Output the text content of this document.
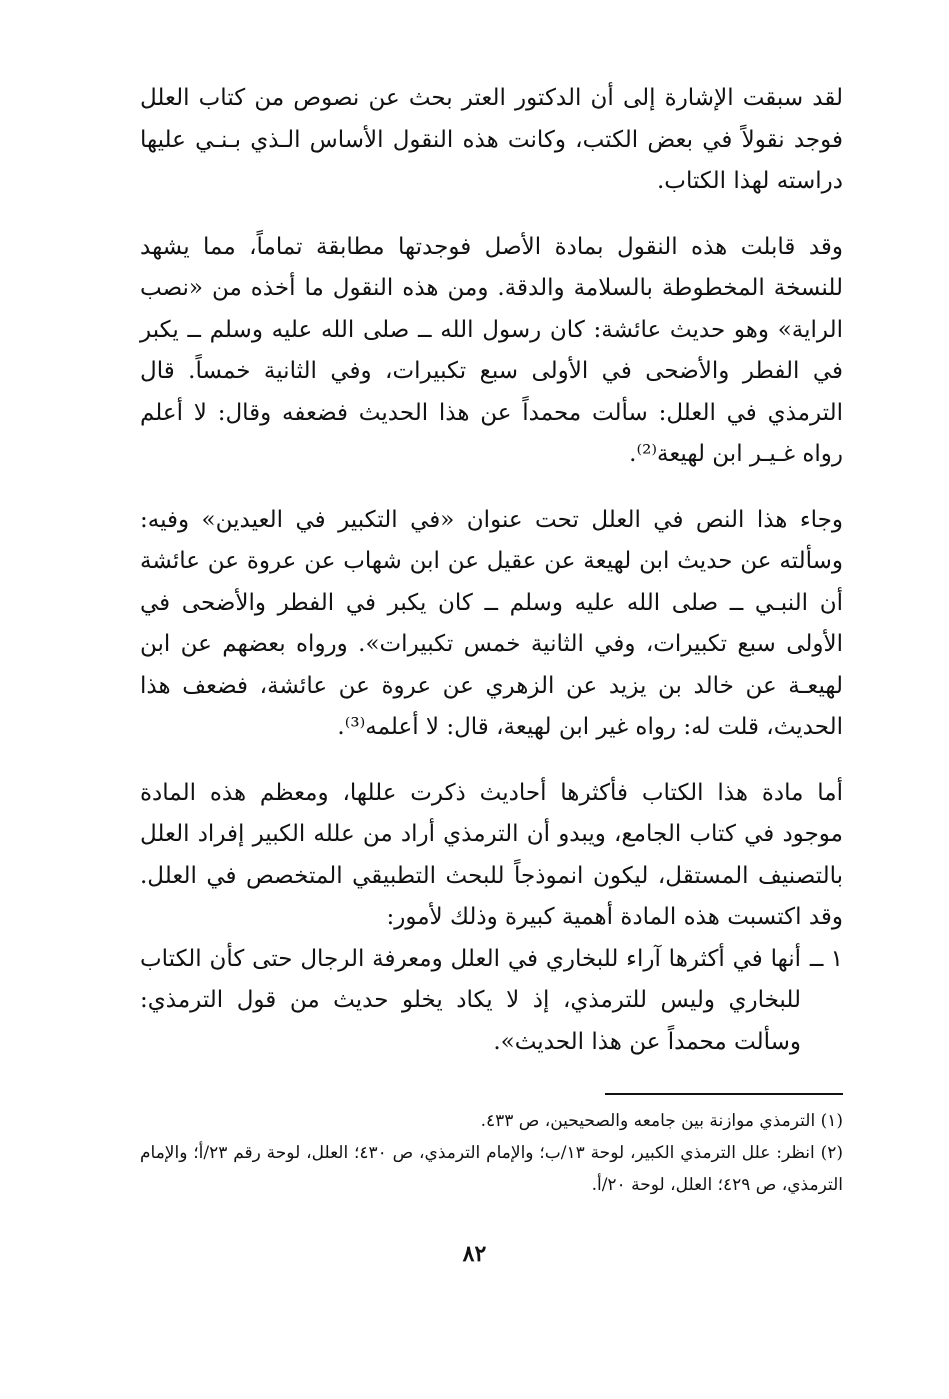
لقد سبقت الإشارة إلى أن الدكتور العتر بحث عن نصوص من كتاب العلل فوجد نقولاً في بعض الكتب، وكانت هذه النقول الأساس الـذي بـنـي عليها دراسته لهذا الكتاب.

وقد قابلت هذه النقول بمادة الأصل فوجدتها مطابقة تماماً، مما يشهد للنسخة المخطوطة بالسلامة والدقة. ومن هذه النقول ما أخذه من «نصب الراية» وهو حديث عائشة: كان رسول الله ــ صلى الله عليه وسلم ــ يكبر في الفطر والأضحى في الأولى سبع تكبيرات، وفي الثانية خمساً. قال الترمذي في العلل: سألت محمداً عن هذا الحديث فضعفه وقال: لا أعلم رواه غـيـر ابن لهيعة⁽²⁾.

وجاء هذا النص في العلل تحت عنوان «في التكبير في العيدين» وفيه: وسألته عن حديث ابن لهيعة عن عقيل عن ابن شهاب عن عروة عن عائشة أن النبـي ــ صلى الله عليه وسلم ــ كان يكبر في الفطر والأضحى في الأولى سبع تكبيرات، وفي الثانية خمس تكبيرات». ورواه بعضهم عن ابن لهيعـة عن خالد بن يزيد عن الزهري عن عروة عن عائشة، فضعف هذا الحديث، قلت له: رواه غير ابن لهيعة، قال: لا أعلمه⁽³⁾.

أما مادة هذا الكتاب فأكثرها أحاديث ذكرت عللها، ومعظم هذه المادة موجود في كتاب الجامع، ويبدو أن الترمذي أراد من علله الكبير إفراد العلل بالتصنيف المستقل، ليكون انموذجاً للبحث التطبيقي المتخصص في العلل. وقد اكتسبت هذه المادة أهمية كبيرة وذلك لأمور:

١ ــ
أنها في أكثرها آراء للبخاري في العلل ومعرفة الرجال حتى كأن الكتاب للبخاري وليس للترمذي، إذ لا يكاد يخلو حديث من قول الترمذي: وسألت محمداً عن هذا الحديث».

(١) الترمذي موازنة بين جامعه والصحيحين، ص ٤٣٣.

(٢) انظر: علل الترمذي الكبير، لوحة ١٣/ب؛ والإمام الترمذي، ص ٤٣٠؛ العلل، لوحة رقم ٢٣/أ؛ والإمام الترمذي، ص ٤٢٩؛ العلل، لوحة ٢٠/أ.

٨٢
